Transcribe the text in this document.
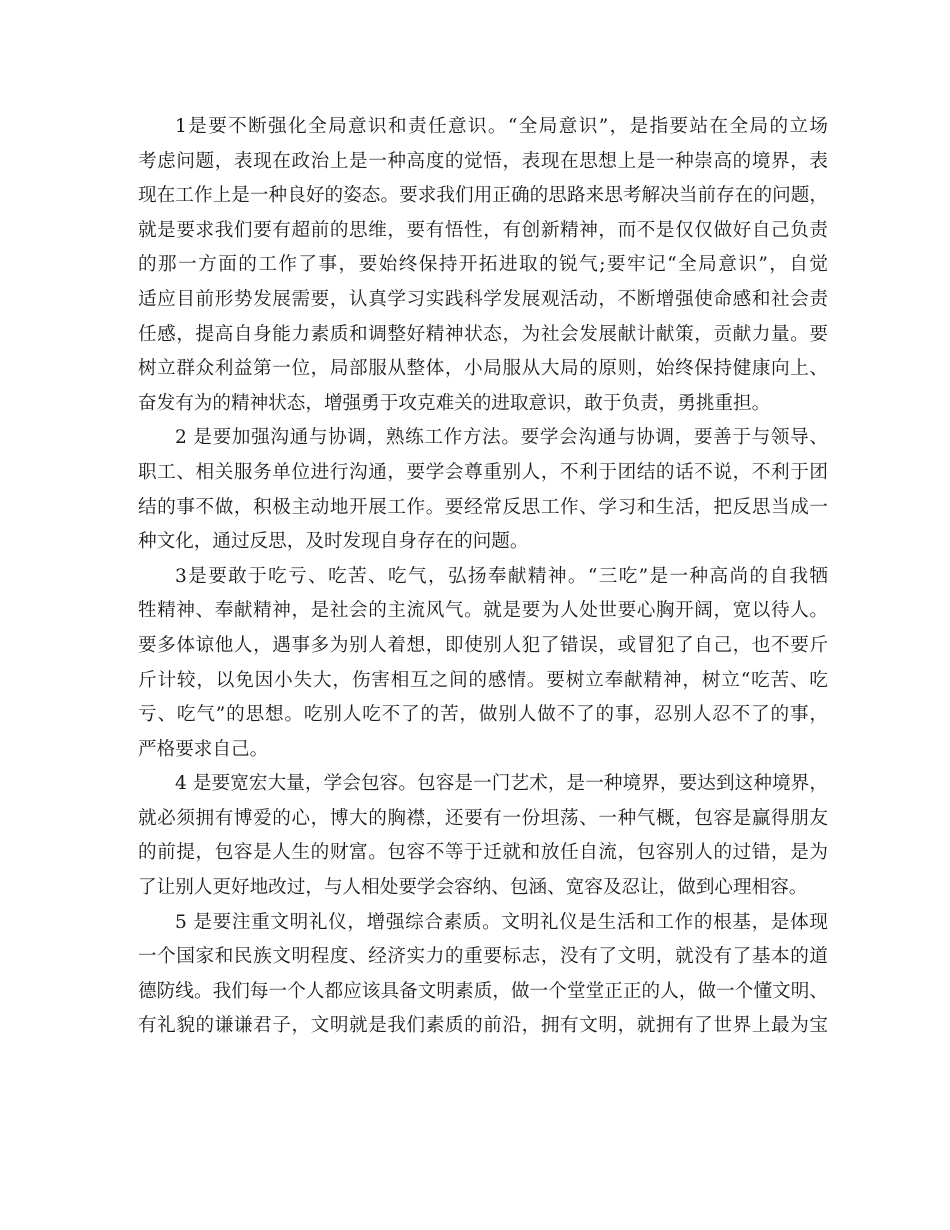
1是要不断强化全局意识和责任意识。“全局意识”，是指要站在全局的立场
考虑问题，表现在政治上是一种高度的觉悟，表现在思想上是一种崇高的境界，表
现在工作上是一种良好的姿态。要求我们用正确的思路来思考解决当前存在的问题，
就是要求我们要有超前的思维，要有悟性，有创新精神，而不是仅仅做好自己负责
的那一方面的工作了事，要始终保持开拓进取的锐气;要牢记“全局意识”，自觉
适应目前形势发展需要，认真学习实践科学发展观活动，不断增强使命感和社会责
任感，提高自身能力素质和调整好精神状态，为社会发展献计献策，贡献力量。要
树立群众利益第一位，局部服从整体，小局服从大局的原则，始终保持健康向上、
奋发有为的精神状态，增强勇于攻克难关的进取意识，敢于负责，勇挑重担。
2 是要加强沟通与协调，熟练工作方法。要学会沟通与协调，要善于与领导、
职工、相关服务单位进行沟通，要学会尊重别人，不利于团结的话不说，不利于团
结的事不做，积极主动地开展工作。要经常反思工作、学习和生活，把反思当成一
种文化，通过反思，及时发现自身存在的问题。
3是要敢于吃亏、吃苦、吃气，弘扬奉献精神。“三吃”是一种高尚的自我牺
牲精神、奉献精神，是社会的主流风气。就是要为人处世要心胸开阔，宽以待人。
要多体谅他人，遇事多为别人着想，即使别人犯了错误，或冒犯了自己，也不要斤
斤计较，以免因小失大，伤害相互之间的感情。要树立奉献精神，树立“吃苦、吃
亏、吃气”的思想。吃别人吃不了的苦，做别人做不了的事，忍别人忍不了的事，
严格要求自己。
4 是要宽宏大量，学会包容。包容是一门艺术，是一种境界，要达到这种境界，
就必须拥有博爱的心，博大的胸襟，还要有一份坦荡、一种气概，包容是赢得朋友
的前提，包容是人生的财富。包容不等于迁就和放任自流，包容别人的过错，是为
了让别人更好地改过，与人相处要学会容纳、包涵、宽容及忍让，做到心理相容。
5 是要注重文明礼仪，增强综合素质。文明礼仪是生活和工作的根基，是体现
一个国家和民族文明程度、经济实力的重要标志，没有了文明，就没有了基本的道
德防线。我们每一个人都应该具备文明素质，做一个堂堂正正的人，做一个懂文明、
有礼貌的谦谦君子，文明就是我们素质的前沿，拥有文明，就拥有了世界上最为宝
